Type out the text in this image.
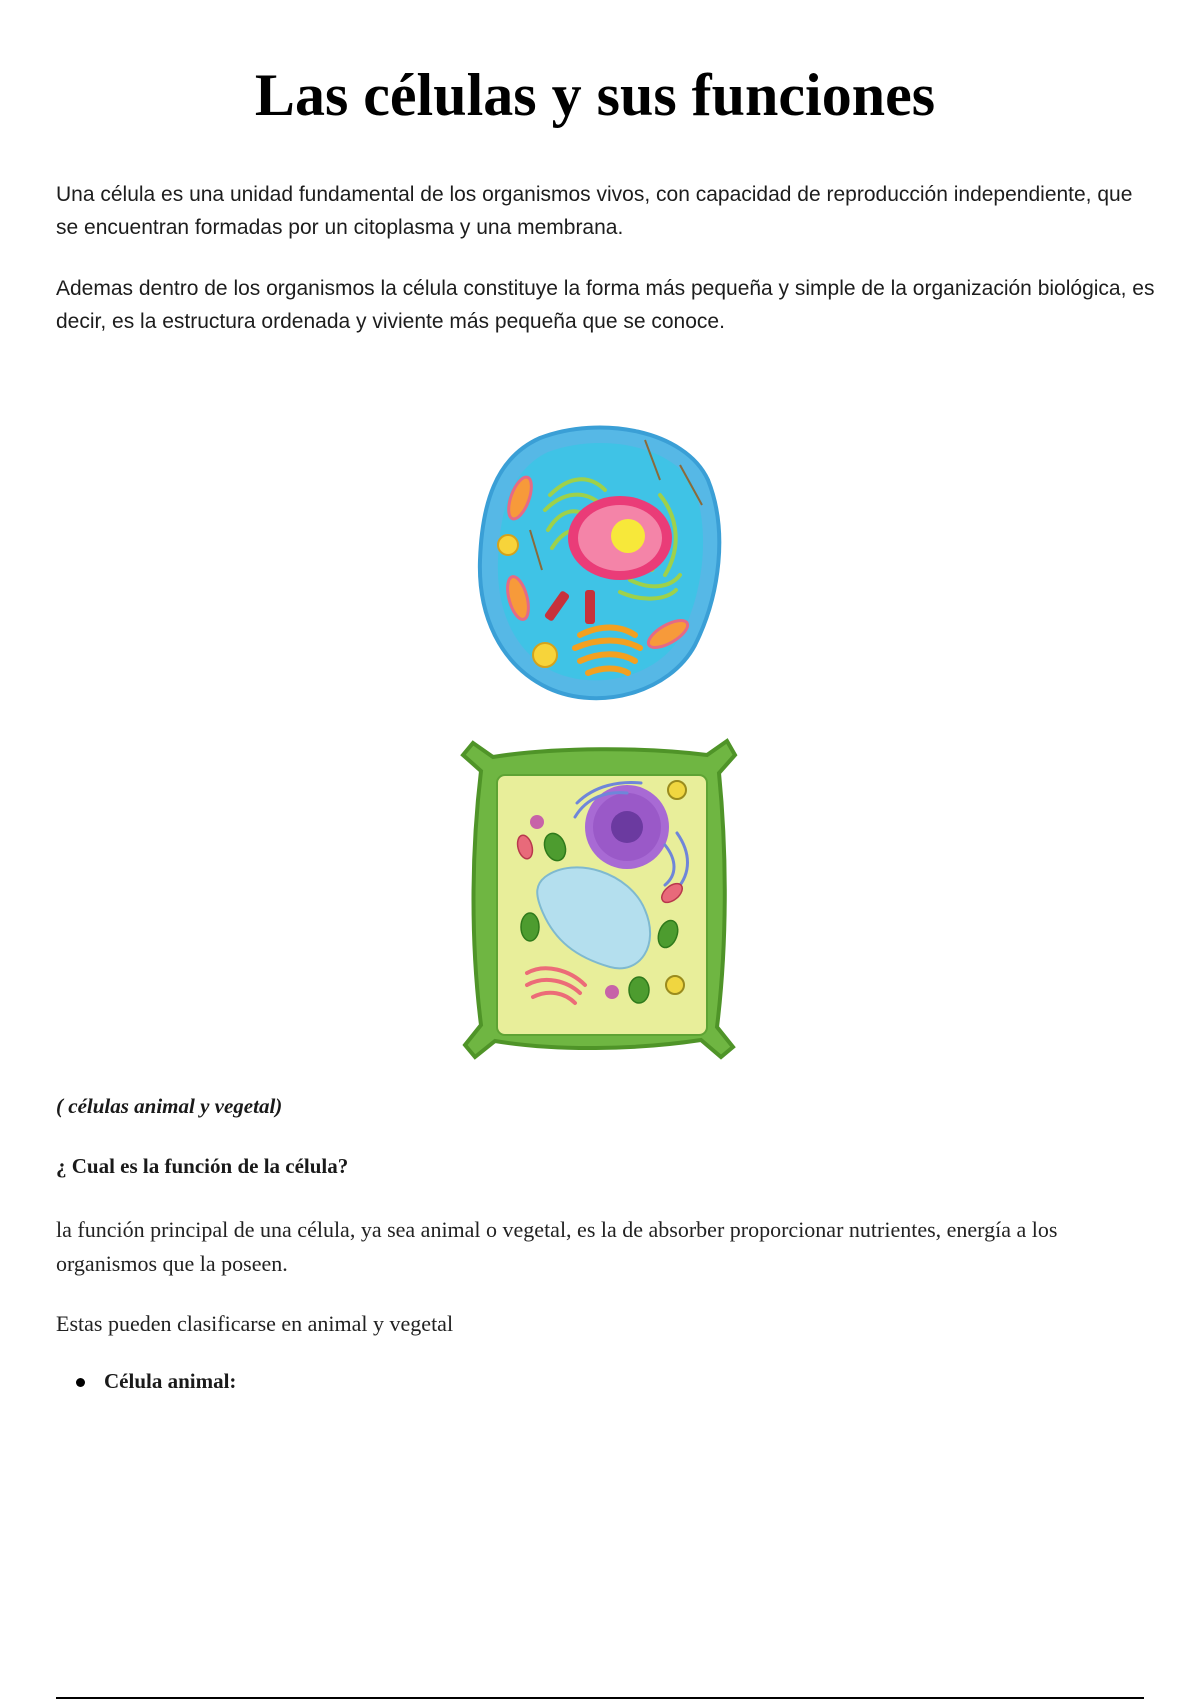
Las células y sus funciones

Una célula es una unidad fundamental de los organismos vivos, con capacidad de reproducción independiente, que se encuentran formadas por un citoplasma y una membrana.

Ademas dentro de los organismos la célula constituye la forma más pequeña y simple de la organización biológica, es decir, es la estructura ordenada y viviente más pequeña que se conoce.

( células animal y vegetal)

¿ Cual es la función de la célula?

la función principal de una célula, ya sea animal o vegetal, es la de absorber proporcionar nutrientes, energía a los organismos que la poseen.

Estas pueden clasificarse en animal y vegetal

Célula animal:
